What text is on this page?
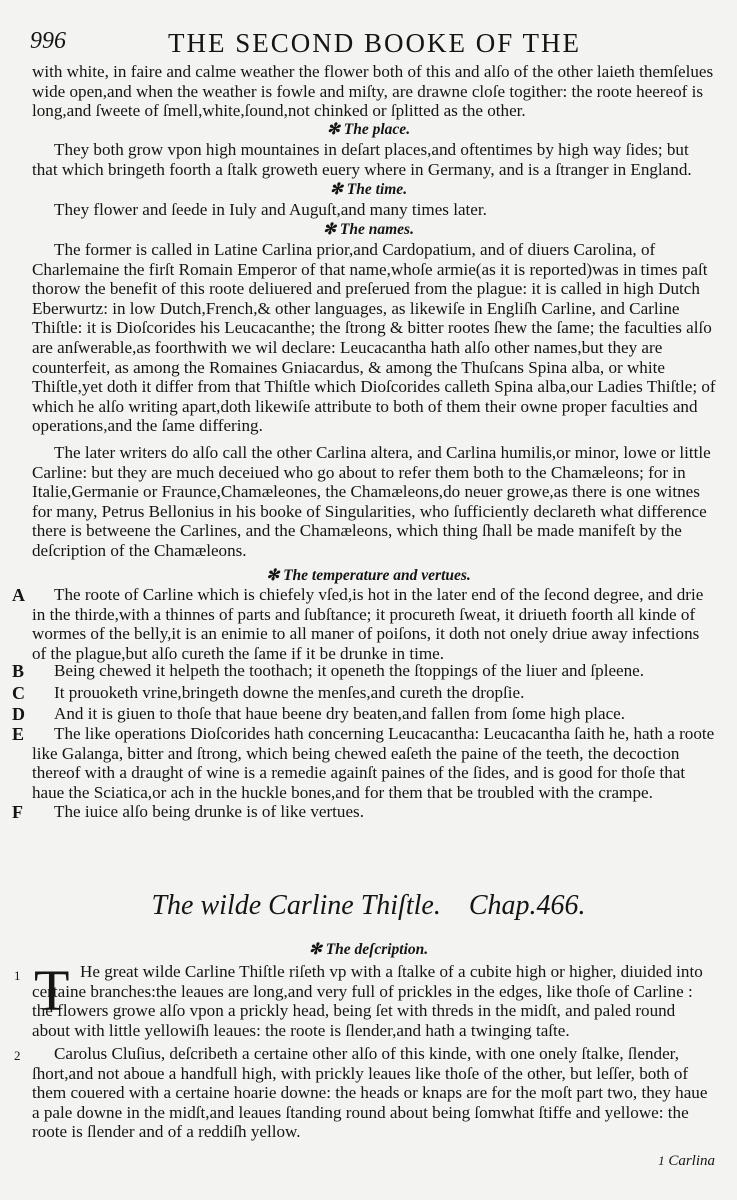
996	THE SECOND BOOKE OF THE

with white, in faire and calme weather the flower both of this and alſo of the other laieth themſelues wide open,and when the weather is fowle and miſty, are drawne cloſe togither: the roote heereof is long,and ſweete of ſmell,white,ſound,not chinked or ſplitted as the other.

✻ The place.

They both grow vpon high mountaines in deſart places,and oftentimes by high way ſides; but that which bringeth foorth a ſtalk groweth euery where in Germany, and is a ſtranger in England.

✻ The time.

They flower and ſeede in Iuly and Auguſt,and many times later.

✻ The names.

The former is called in Latine Carlina prior,and Cardopatium, and of diuers Carolina, of Charlemaine the firſt Romain Emperor of that name,whoſe armie(as it is reported)was in times paſt thorow the benefit of this roote deliuered and preſerued from the plague: it is called in high Dutch Eberwurtz: in low Dutch,French,& other languages, as likewiſe in Engliſh Carline, and Carline Thiſtle: it is Dioſcorides his Leucacanthe; the ſtrong & bitter rootes ſhew the ſame; the faculties alſo are anſwerable,as foorthwith we wil declare: Leucacantha hath alſo other names,but they are counterfeit, as among the Romaines Gniacardus, & among the Thuſcans Spina alba, or white Thiſtle,yet doth it differ from that Thiſtle which Dioſcorides calleth Spina alba,our Ladies Thiſtle; of which he alſo writing apart,doth likewiſe attribute to both of them their owne proper faculties and operations,and the ſame differing.

The later writers do alſo call the other Carlina altera, and Carlina humilis,or minor, lowe or little Carline: but they are much deceiued who go about to refer them both to the Chamæleons; for in Italie,Germanie or Fraunce,Chamæleones, the Chamæleons,do neuer growe,as there is one witnes for many, Petrus Bellonius in his booke of Singularities, who ſufficiently declareth what difference there is betweene the Carlines, and the Chamæleons, which thing ſhall be made manifeſt by the deſcription of the Chamæleons.

✻ The temperature and vertues.
A	The roote of Carline which is chiefely vſed,is hot in the later end of the ſecond degree, and drie in the thirde,with a thinnes of parts and ſubſtance; it procureth ſweat, it driueth foorth all kinde of wormes of the belly,it is an enimie to all maner of poiſons, it doth not onely driue away infections of the plague,but alſo cureth the ſame if it be drunke in time.

B	Being chewed it helpeth the toothach; it openeth the ſtoppings of the liuer and ſpleene.

C	It prouoketh vrine,bringeth downe the menſes,and cureth the dropſie.

D	And it is giuen to thoſe that haue beene dry beaten,and fallen from ſome high place.

E	The like operations Dioſcorides hath concerning Leucacantha: Leucacantha ſaith he, hath a roote like Galanga, bitter and ſtrong, which being chewed eaſeth the paine of the teeth, the decoction thereof with a draught of wine is a remedie againſt paines of the ſides, and is good for thoſe that haue the Sciatica,or ach in the huckle bones,and for them that be troubled with the crampe.

F	The iuice alſo being drunke is of like vertues.

The wilde Carline Thiſtle. Chap.466.
✻ The deſcription.
1 T He great wilde Carline Thiſtle riſeth vp with a ſtalke of a cubite high or higher, diuided into certaine branches:the leaues are long,and very full of prickles in the edges, like thoſe of Carline : the flowers growe alſo vpon a prickly head, being ſet with threds in the midſt, and paled round about with little yellowiſh leaues: the roote is ſlender,and hath a twinging taſte.

2	Carolus Cluſius, deſcribeth a certaine other alſo of this kinde, with one onely ſtalke, ſlender, ſhort,and not aboue a handfull high, with prickly leaues like thoſe of the other, but leſſer, both of them couered with a certaine hoarie downe: the heads or knaps are for the moſt part two, they haue a pale downe in the midſt,and leaues ſtanding round about being ſomwhat ſtiffe and yellowe: the roote is ſlender and of a reddiſh yellow.

1 Carlina
